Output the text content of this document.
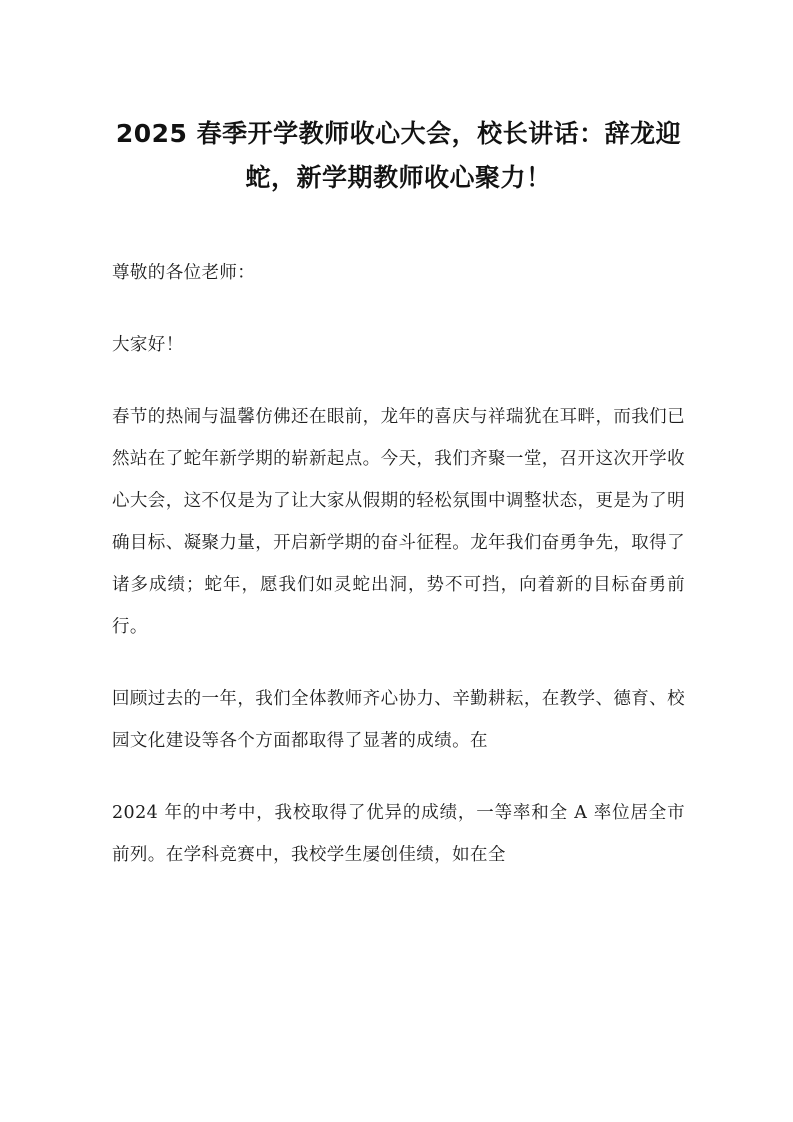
2025 春季开学教师收心大会，校长讲话：辞龙迎蛇，新学期教师收心聚力！

尊敬的各位老师：

大家好！

春节的热闹与温馨仿佛还在眼前，龙年的喜庆与祥瑞犹在耳畔，而我们已然站在了蛇年新学期的崭新起点。今天，我们齐聚一堂，召开这次开学收心大会，这不仅是为了让大家从假期的轻松氛围中调整状态，更是为了明确目标、凝聚力量，开启新学期的奋斗征程。龙年我们奋勇争先，取得了诸多成绩；蛇年，愿我们如灵蛇出洞，势不可挡，向着新的目标奋勇前行。

回顾过去的一年，我们全体教师齐心协力、辛勤耕耘，在教学、德育、校园文化建设等各个方面都取得了显著的成绩。在

2024 年的中考中，我校取得了优异的成绩，一等率和全 A 率位居全市前列。在学科竞赛中，我校学生屡创佳绩，如在全
